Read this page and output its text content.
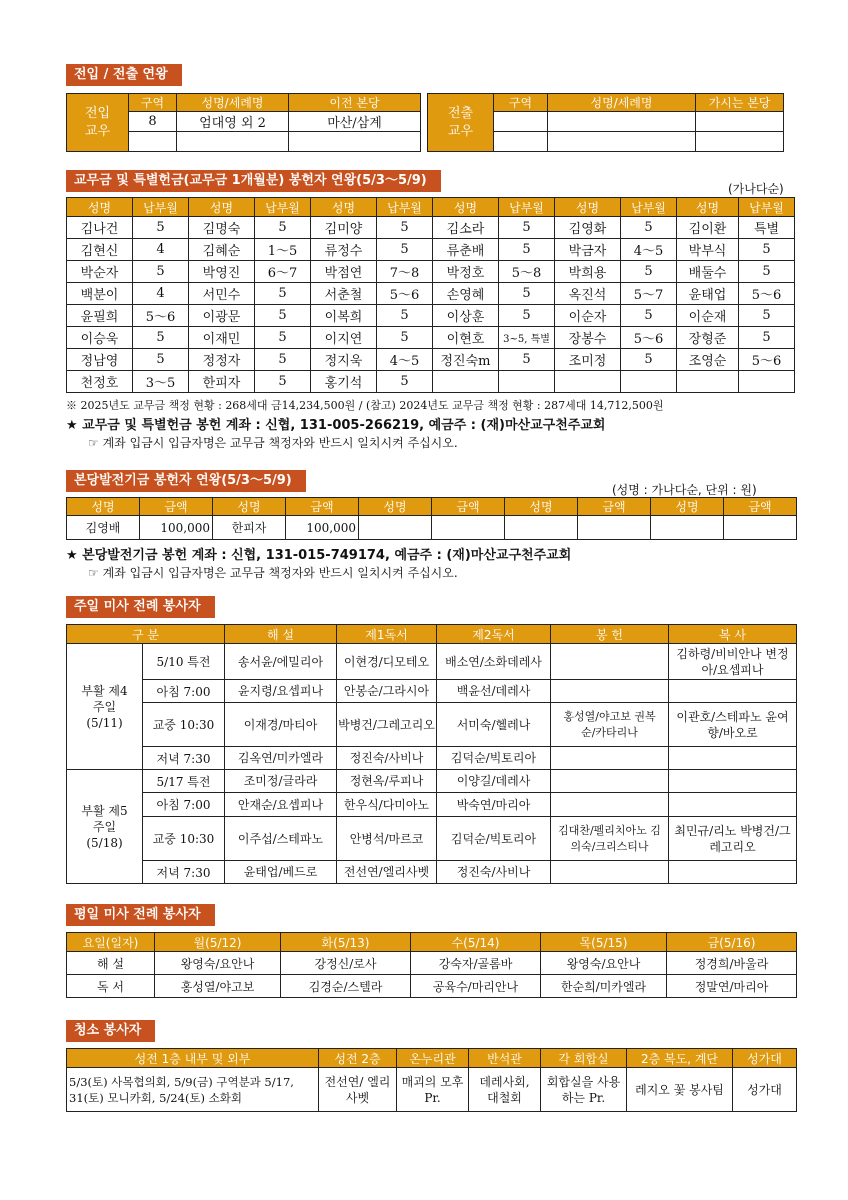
전입 / 전출 연왕
전입 교우	구역	성명/세례명	이전 본당
	8	엄대영 외 2	마산/삼계

전출 교우	구역	성명/세례명	가시는 본당

교무금 및 특별헌금(교무금 1개월분) 봉헌자 연왕(5/3～5/9)
(가나다순)
성명	납부월	성명	납부월	성명	납부월	성명	납부월	성명	납부월	성명	납부월
김나건	5	김명숙	5	김미양	5	김소라	5	김영화	5	김이환	특별
김현신	4	김혜순	1～5	류정수	5	류춘배	5	박금자	4～5	박부식	5
박순자	5	박영진	6～7	박점연	7～8	박정호	5～8	박희용	5	배둘수	5
백분이	4	서민수	5	서춘철	5～6	손영혜	5	옥진석	5～7	윤태업	5～6
윤필희	5～6	이광문	5	이복희	5	이상훈	5	이순자	5	이순재	5
이승욱	5	이재민	5	이지연	5	이현호	3~5, 특별	장봉수	5～6	장형준	5
정남영	5	정정자	5	정지욱	4～5	정진숙m	5	조미정	5	조영순	5～6
천정호	3～5	한피자	5	홍기석	5						
※ 2025년도 교무금 책정 현황 : 268세대 금14,234,500원 / (참고) 2024년도 교무금 책정 현황 : 287세대 14,712,500원
★ 교무금 및 특별헌금 봉헌 계좌 : 신협, 131-005-266219, 예금주 : (재)마산교구천주교회
☞ 계좌 입금시 입금자명은 교무금 책정자와 반드시 일치시켜 주십시오.
본당발전기금 봉헌자 연왕(5/3～5/9)
(성명 : 가나다순, 단위 : 원)
성명	금액	성명	금액	성명	금액	성명	금액	성명	금액
김영배	100,000	한피자	100,000						
★ 본당발전기금 봉헌 계좌 : 신협, 131-015-749174, 예금주 : (재)마산교구천주교회
☞ 계좌 입금시 입금자명은 교무금 책정자와 반드시 일치시켜 주십시오.
주일 미사 전례 봉사자
구 분		해 설	제1독서	제2독서	봉 헌	복 사
부활 제4주일 (5/11)	5/10 특전	송서윤/에밀리아	이현경/디모테오	배소연/소화데레사		김하령/비비안나 변정아/요셉피나
	아침 7:00	윤지령/요셉피나	안봉순/그라시아	백윤선/데레사		
	교중 10:30	이재경/마티아	박병건/그레고리오	서미숙/헬레나	홍성열/야고보 권복순/카타리나	이관호/스테파노 윤여향/바오로
	저녁 7:30	김옥연/미카엘라	정진숙/사비나	김덕순/빅토리아		
부활 제5주일 (5/18)	5/17 특전	조미정/글라라	정현옥/루피나	이양길/데레사		
	아침 7:00	안재순/요셉피나	한우식/다미아노	박숙연/마리아		
	교중 10:30	이주섭/스테파노	안병석/마르코	김덕순/빅토리아	김대찬/펠리치아노 김의숙/크리스티나	최민규/리노 박병건/그레고리오
	저녁 7:30	윤태업/베드로	전선연/엘리사벳	정진숙/사비나		
평일 미사 전례 봉사자
요일(일자)	월(5/12)	화(5/13)	수(5/14)	목(5/15)	금(5/16)
해 설	왕영숙/요안나	강정신/로사	강숙자/골롬바	왕영숙/요안나	정경희/바울라
독 서	홍성열/야고보	김경순/스텔라	공육수/마리안나	한순희/미카엘라	정말연/마리아
청소 봉사자
성전 1층 내부 및 외부	성전 2층	온누리관	반석관	각 회합실	2층 복도, 계단	성가대
5/3(토) 사목협의회, 5/9(금) 구역분과 5/17, 31(토) 모니카회, 5/24(토) 소화회	전선연/ 엘리사벳	매괴의 모후 Pr.	데레사회, 대철회	회합실을 사용하는 Pr.	레지오 꽃 봉사팀	성가대
